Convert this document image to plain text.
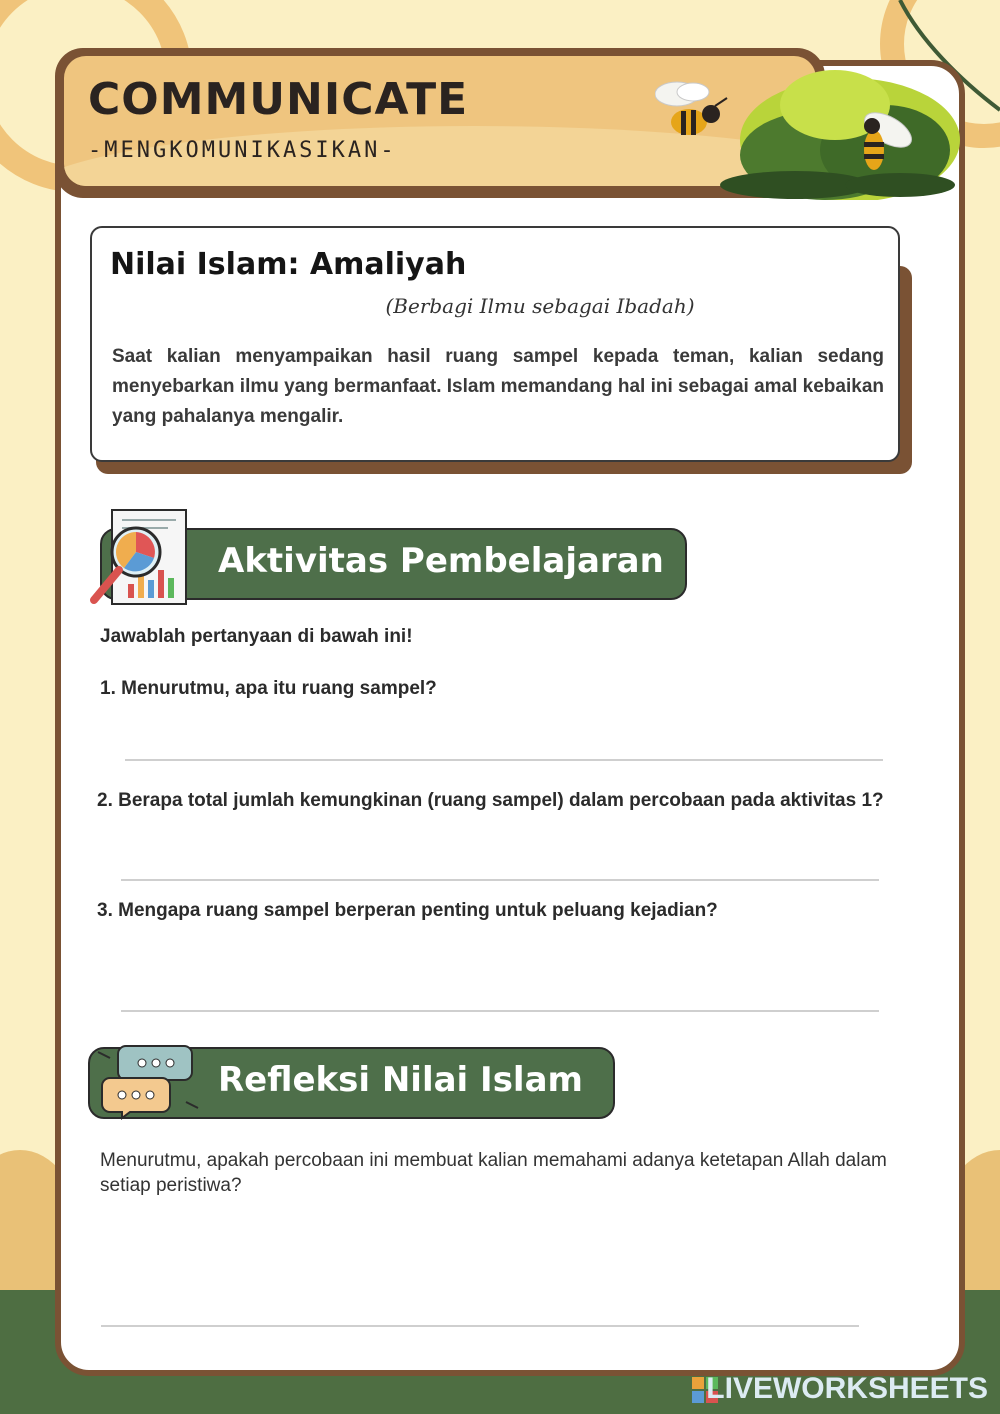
COMMUNICATE

-MENGKOMUNIKASIKAN-

Nilai Islam: Amaliyah
(Berbagi Ilmu sebagai Ibadah)

Saat kalian menyampaikan hasil ruang sampel kepada teman, kalian sedang menyebarkan ilmu yang bermanfaat. Islam memandang hal ini sebagai amal kebaikan yang pahalanya mengalir.

Aktivitas Pembelajaran

Jawablah pertanyaan di bawah ini!

1. Menurutmu, apa itu ruang sampel?

2. Berapa total jumlah kemungkinan (ruang sampel) dalam percobaan pada aktivitas 1?

3. Mengapa ruang sampel berperan penting untuk peluang kejadian?

Refleksi Nilai Islam

Menurutmu, apakah percobaan ini membuat kalian memahami adanya ketetapan Allah dalam setiap peristiwa?

LIVEWORKSHEETS
